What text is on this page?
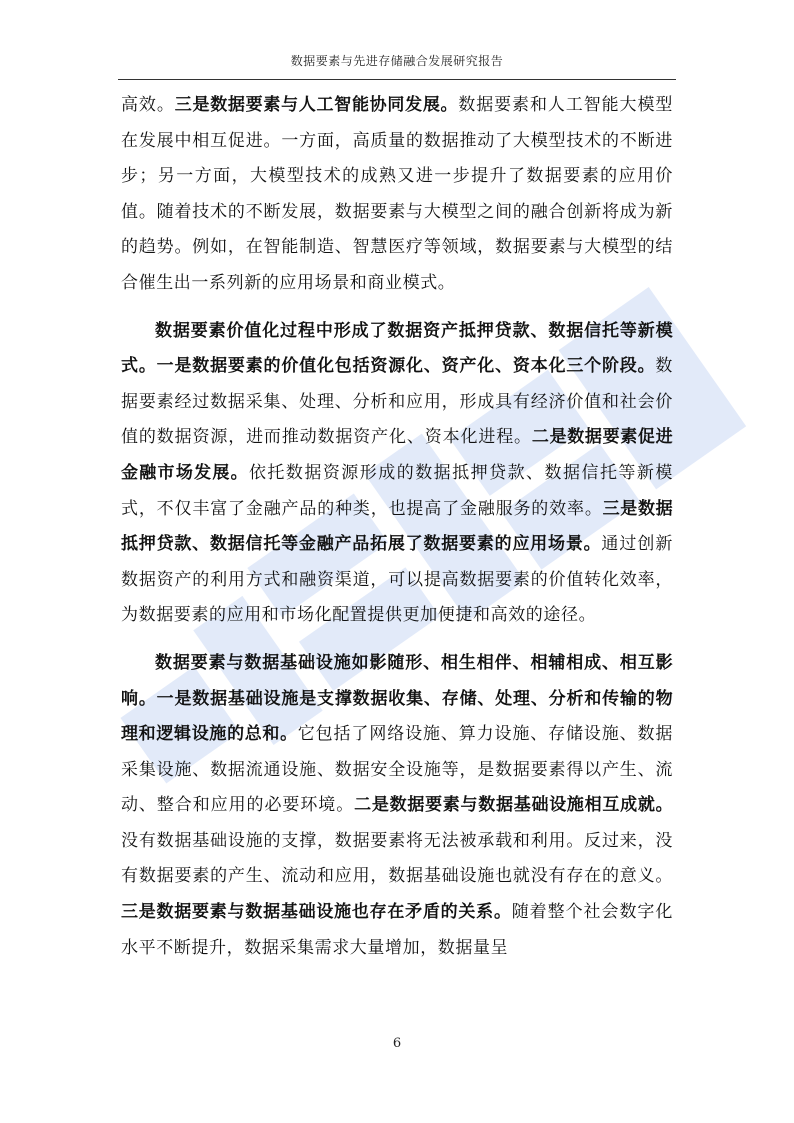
数据要素与先进存储融合发展研究报告

高效。三是数据要素与人工智能协同发展。数据要素和人工智能大模型在发展中相互促进。一方面，高质量的数据推动了大模型技术的不断进步；另一方面，大模型技术的成熟又进一步提升了数据要素的应用价值。随着技术的不断发展，数据要素与大模型之间的融合创新将成为新的趋势。例如，在智能制造、智慧医疗等领域，数据要素与大模型的结合催生出一系列新的应用场景和商业模式。

数据要素价值化过程中形成了数据资产抵押贷款、数据信托等新模式。一是数据要素的价值化包括资源化、资产化、资本化三个阶段。数据要素经过数据采集、处理、分析和应用，形成具有经济价值和社会价值的数据资源，进而推动数据资产化、资本化进程。二是数据要素促进金融市场发展。依托数据资源形成的数据抵押贷款、数据信托等新模式，不仅丰富了金融产品的种类，也提高了金融服务的效率。三是数据抵押贷款、数据信托等金融产品拓展了数据要素的应用场景。通过创新数据资产的利用方式和融资渠道，可以提高数据要素的价值转化效率，为数据要素的应用和市场化配置提供更加便捷和高效的途径。

数据要素与数据基础设施如影随形、相生相伴、相辅相成、相互影响。一是数据基础设施是支撑数据收集、存储、处理、分析和传输的物理和逻辑设施的总和。它包括了网络设施、算力设施、存储设施、数据采集设施、数据流通设施、数据安全设施等，是数据要素得以产生、流动、整合和应用的必要环境。二是数据要素与数据基础设施相互成就。没有数据基础设施的支撑，数据要素将无法被承载和利用。反过来，没有数据要素的产生、流动和应用，数据基础设施也就没有存在的意义。三是数据要素与数据基础设施也存在矛盾的关系。随着整个社会数字化水平不断提升，数据采集需求大量增加，数据量呈

6
